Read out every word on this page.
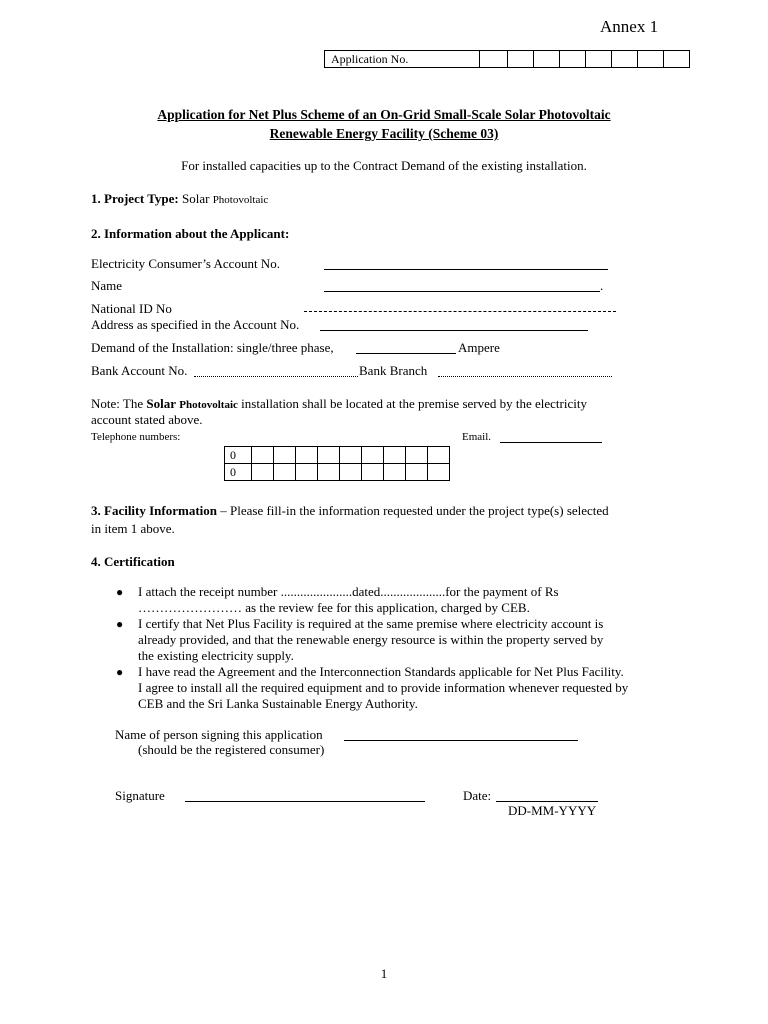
Annex 1
Application No.								
Application for Net Plus Scheme of an On-Grid Small-Scale Solar Photovoltaic
Renewable Energy Facility (Scheme 03)
For installed capacities up to the Contract Demand of the existing installation.
1. Project Type: Solar Photovoltaic
2. Information about the Applicant:
Electricity Consumer’s Account No.
Name	.
National ID No
Address as specified in the Account No.
Demand of the Installation: single/three phase,	Ampere
Bank Account No.	Bank Branch
Note: The Solar Photovoltaic installation shall be located at the premise served by the electricity
account stated above.
Telephone numbers:	Email.
0									
0									
3. Facility Information – Please fill-in the information requested under the project type(s) selected
in item 1 above.
4. Certification
● I attach the receipt number ......................dated....................for the payment of Rs
…………………… as the review fee for this application, charged by CEB.
● I certify that Net Plus Facility is required at the same premise where electricity account is
already provided, and that the renewable energy resource is within the property served by
the existing electricity supply.
● I have read the Agreement and the Interconnection Standards applicable for Net Plus Facility.
I agree to install all the required equipment and to provide information whenever requested by
CEB and the Sri Lanka Sustainable Energy Authority.
Name of person signing this application
(should be the registered consumer)
Signature	Date:
DD-MM-YYYY
1
